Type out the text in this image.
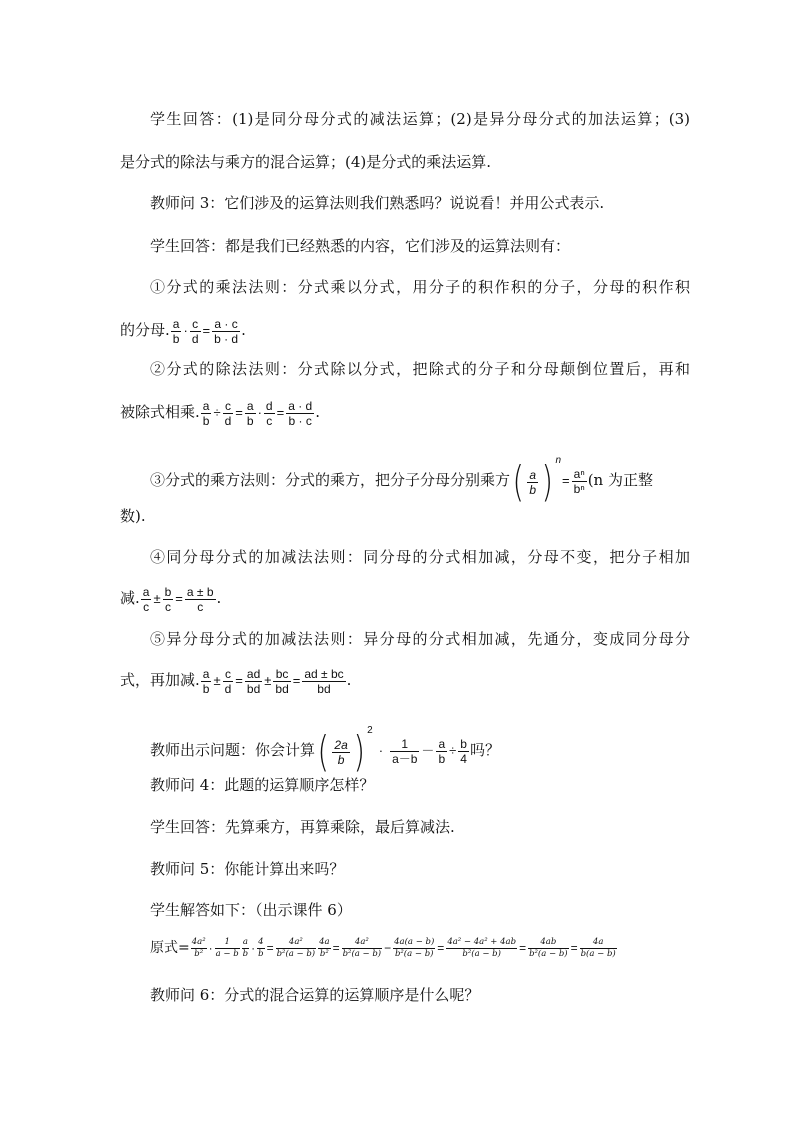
学生回答：(1)是同分母分式的减法运算；(2)是异分母分式的加法运算；(3)
是分式的除法与乘方的混合运算；(4)是分式的乘法运算.
教师问 3：它们涉及的运算法则我们熟悉吗？说说看！并用公式表示.
学生回答：都是我们已经熟悉的内容，它们涉及的运算法则有：
①分式的乘法法则：分式乘以分式，用分子的积作积的分子，分母的积作积
的分母. $\frac{a}{b} \cdot \frac{c}{d} = \frac{a \cdot c}{b \cdot d}$ .
②分式的除法法则：分式除以分式，把除式的分子和分母颠倒位置后，再和
被除式相乘. $\frac{a}{b} \div \frac{c}{d} = \frac{a}{b} \cdot \frac{d}{c} = \frac{a \cdot d}{b \cdot c}$ .
③分式的乘方法则：分式的乘方，把分子分母分别乘方( $\frac{a}{b}$ ) $^n= \frac{\text{aⁿ}}{\text{bⁿ}} (n$ 为正整
数).
④同分母分式的加减法法则：同分母的分式相加减，分母不变，把分子相加
减. $\frac{a}{c} \pm \frac{b}{c} = \frac{a \pm b}{c}$ .
⑤异分母分式的加减法法则：异分母的分式相加减，先通分，变成同分母分
式，再加减. $\frac{a}{b} \pm \frac{c}{d} = \frac{ad}{bd} \pm \frac{bc}{bd} = \frac{ad \pm bc}{bd}$ .
教师出示问题：你会计算( $\frac{2a}{b}$ ) $^2\cdot \frac{1}{a-b} - \frac{a}{b} \div \frac{b}{4}$ 吗？
教师问 4：此题的运算顺序怎样？
学生回答：先算乘方，再算乘除，最后算减法.
教师问 5：你能计算出来吗？
学生解答如下：（出示课件 6）
原式= $\frac{\text{4a²}}{\text{b²}} \cdot \frac{1}{a - b} \frac{a}{b} \cdot \frac{4}{b} = \frac{\text{4a²}}{\text{b²(a − b)}} \frac{4a}{\text{b²}} = \frac{\text{4a²}}{\text{b²(a − b)}} - \frac{4a(a - b)}{\text{b²(a − b)}} = \frac{\text{4a² − 4a² + 4ab}}{\text{b²(a − b)}} = \frac{4ab}{\text{b²(a − b)}} = \frac{4a}{b(a - b)}$
教师问 6：分式的混合运算的运算顺序是什么呢？
